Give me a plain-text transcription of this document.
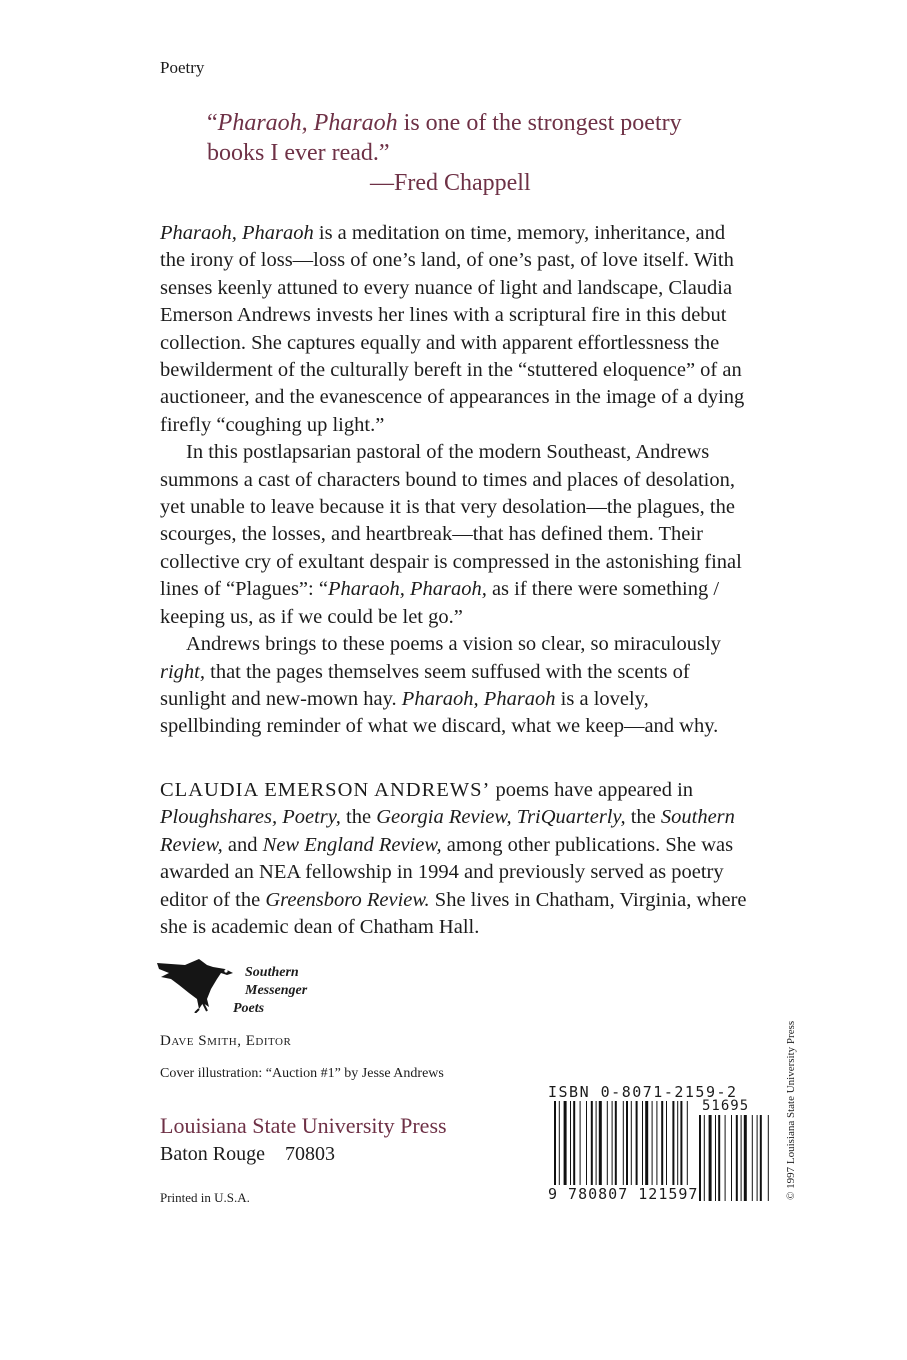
Poetry
“Pharaoh, Pharaoh is one of the strongest poetry books I ever read.”
—Fred Chappell

Pharaoh, Pharaoh is a meditation on time, memory, inheritance, and the irony of loss—loss of one’s land, of one’s past, of love itself. With senses keenly attuned to every nuance of light and landscape, Claudia Emerson Andrews invests her lines with a scriptural fire in this debut collection. She captures equally and with apparent effortlessness the bewilderment of the culturally bereft in the “stuttered eloquence” of an auctioneer, and the evanescence of appearances in the image of a dying firefly “coughing up light.”

In this postlapsarian pastoral of the modern Southeast, Andrews summons a cast of characters bound to times and places of desolation, yet unable to leave because it is that very desolation—the plagues, the scourges, the losses, and heartbreak—that has defined them. Their collective cry of exultant despair is compressed in the astonishing final lines of “Plagues”: “Pharaoh, Pharaoh, as if there were something / keeping us, as if we could be let go.”

Andrews brings to these poems a vision so clear, so miraculously right, that the pages themselves seem suffused with the scents of sunlight and new-mown hay. Pharaoh, Pharaoh is a lovely, spellbinding reminder of what we discard, what we keep—and why.

CLAUDIA EMERSON ANDREWS’ poems have appeared in Ploughshares, Poetry, the Georgia Review, TriQuarterly, the Southern Review, and New England Review, among other publications. She was awarded an NEA fellowship in 1994 and previously served as poetry editor of the Greensboro Review. She lives in Chatham, Virginia, where she is academic dean of Chatham Hall.
Southern
Messenger
Poets
Dave Smith, Editor
Cover illustration: “Auction #1” by Jesse Andrews
Louisiana State University Press
Baton Rouge    70803
Printed in U.S.A.
ISBN 0-8071-2159-2
51695
9 780807 121597	© 1997 Louisiana State University Press
